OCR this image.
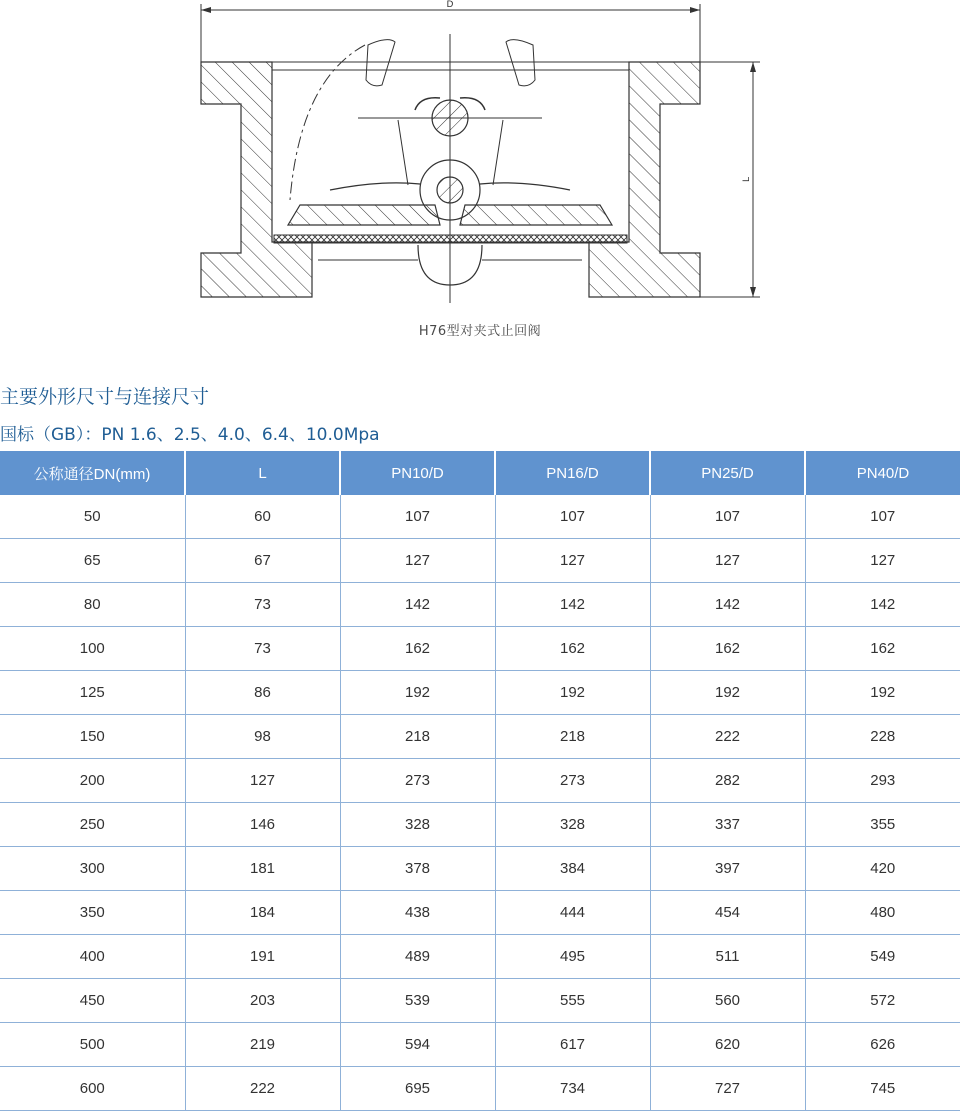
D
L
H76型对夹式止回阀
主要外形尺寸与连接尺寸
国标（GB）：PN 1.6、2.5、4.0、6.4、10.0Mpa
公称通径DN(mm)	L	PN10/D	PN16/D	PN25/D	PN40/D
50	60	107	107	107	107
65	67	127	127	127	127
80	73	142	142	142	142
100	73	162	162	162	162
125	86	192	192	192	192
150	98	218	218	222	228
200	127	273	273	282	293
250	146	328	328	337	355
300	181	378	384	397	420
350	184	438	444	454	480
400	191	489	495	511	549
450	203	539	555	560	572
500	219	594	617	620	626
600	222	695	734	727	745
